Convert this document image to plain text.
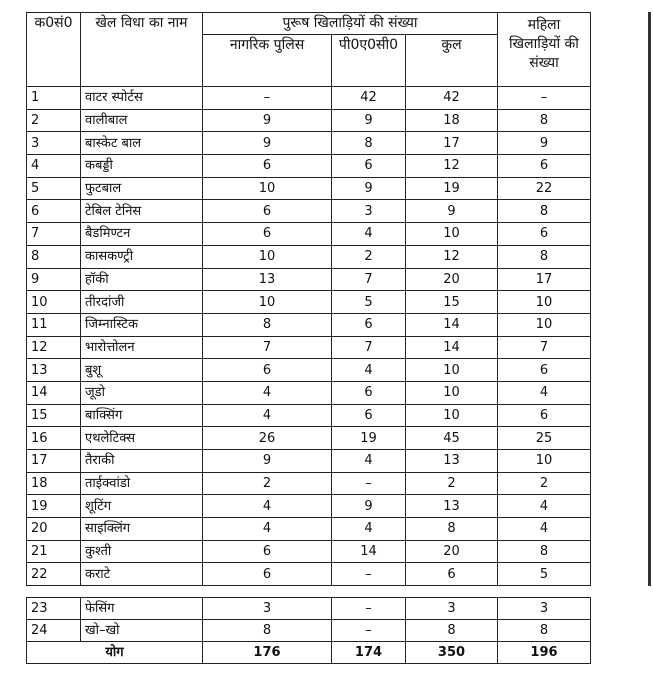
क0सं0	खेल विधा का नाम	पुरूष खिलाड़ियों की संख्या			महिला खिलाड़ियों की संख्या
		नागरिक पुलिस	पी0ए0सी0	कुल	
1	वाटर स्पोर्टस	–	42	42	–
2	वालीबाल	9	9	18	8
3	बास्केट बाल	9	8	17	9
4	कबड्डी	6	6	12	6
5	फुटबाल	10	9	19	22
6	टेबिल टेनिस	6	3	9	8
7	बैडमिण्टन	6	4	10	6
8	कासकण्ट्री	10	2	12	8
9	हॉकी	13	7	20	17
10	तीरदांजी	10	5	15	10
11	जिम्नास्टिक	8	6	14	10
12	भारोत्तोलन	7	7	14	7
13	बुशू	6	4	10	6
14	जूडो	4	6	10	4
15	बाक्सिंग	4	6	10	6
16	एथलेटिक्स	26	19	45	25
17	तैराकी	9	4	13	10
18	ताईक्वांडो	2	–	2	2
19	शूटिंग	4	9	13	4
20	साइक्लिंग	4	4	8	4
21	कुश्ती	6	14	20	8
22	कराटे	6	–	6	5
23	फेसिंग	3	–	3	3
24	खो–खो	8	–	8	8
योग		176	174	350	196
